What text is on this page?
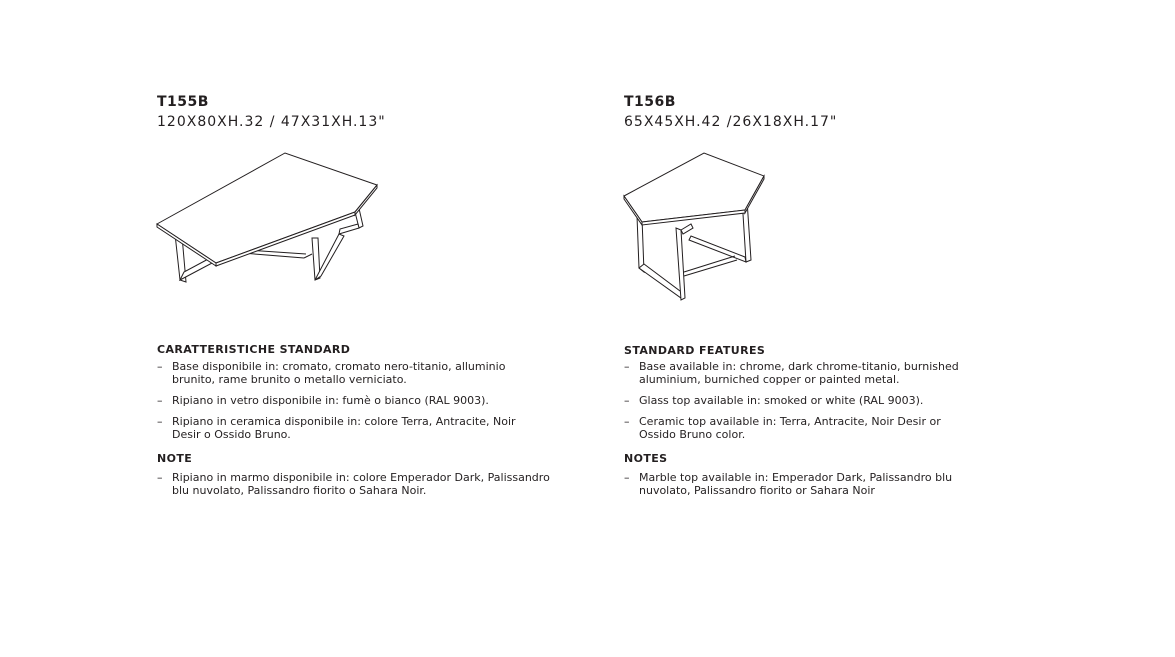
T155B

120X80XH.32 / 47X31XH.13"

CARATTERISTICHE STANDARD

– Base disponibile in: cromato, cromato nero-titanio, alluminio brunito, rame brunito o metallo verniciato.
– Ripiano in vetro disponibile in: fumè o bianco (RAL 9003).
– Ripiano in ceramica disponibile in: colore Terra, Antracite, Noir Desir o Ossido Bruno.

NOTE

– Ripiano in marmo disponibile in: colore Emperador Dark, Palissandro blu nuvolato, Palissandro fiorito o Sahara Noir.

T156B

65X45XH.42 /26X18XH.17"

STANDARD FEATURES

– Base available in: chrome, dark chrome-titanio, burnished aluminium, burniched copper or painted metal.
– Glass top available in: smoked or white (RAL 9003).
– Ceramic top available in: Terra, Antracite, Noir Desir or Ossido Bruno color.

NOTES

– Marble top available in: Emperador Dark, Palissandro blu nuvolato, Palissandro fiorito or Sahara Noir
